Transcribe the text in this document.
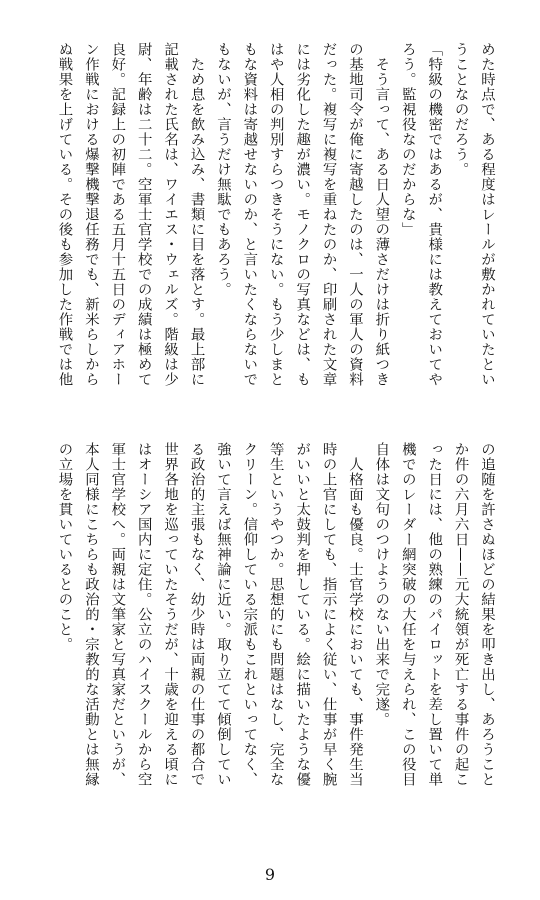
めた時点で、ある程度はレールが敷かれていたとい

うことなのだろう。

「特級の機密ではあるが、貴様には教えておいてや

ろう。監視役なのだからな」

　そう言って、ある日人望の薄さだけは折り紙つき

の基地司令が俺に寄越したのは、一人の軍人の資料

だった。複写に複写を重ねたのか、印刷された文章

には劣化した趣が濃い。モノクロの写真などは、も

はや人相の判別すらつきそうにない。もう少しまと

もな資料は寄越せないのか、と言いたくならないで

もないが、言うだけ無駄でもあろう。

　ため息を飲み込み、書類に目を落とす。最上部に

記載された氏名は、ワイエス・ウェルズ。階級は少

尉、年齢は二十二。空軍士官学校での成績は極めて

良好。記録上の初陣である五月十五日のディアホー

ン作戦における爆撃機撃退任務でも、新米らしから

ぬ戦果を上げている。その後も参加した作戦では他

の追随を許さぬほどの結果を叩き出し、あろうこと

か件の六月六日——元大統領が死亡する事件の起こ

った日には、他の熟練のパイロットを差し置いて単

機でのレーダー網突破の大任を与えられ、この役目

自体は文句のつけようのない出来で完遂。

　人格面も優良。士官学校においても、事件発生当

時の上官にしても、指示によく従い、仕事が早く腕

がいいと太鼓判を押している。絵に描いたような優

等生というやつか。思想的にも問題はなし、完全な

クリーン。信仰している宗派もこれといってなく、

強いて言えば無神論に近い。取り立てて傾倒してい

る政治的主張もなく、幼少時は両親の仕事の都合で

世界各地を巡っていたそうだが、十歳を迎える頃に

はオーシア国内に定住。公立のハイスクールから空

軍士官学校へ。両親は文筆家と写真家だというが、

本人同様にこちらも政治的・宗教的な活動とは無縁

の立場を貫いているとのこと。

9
